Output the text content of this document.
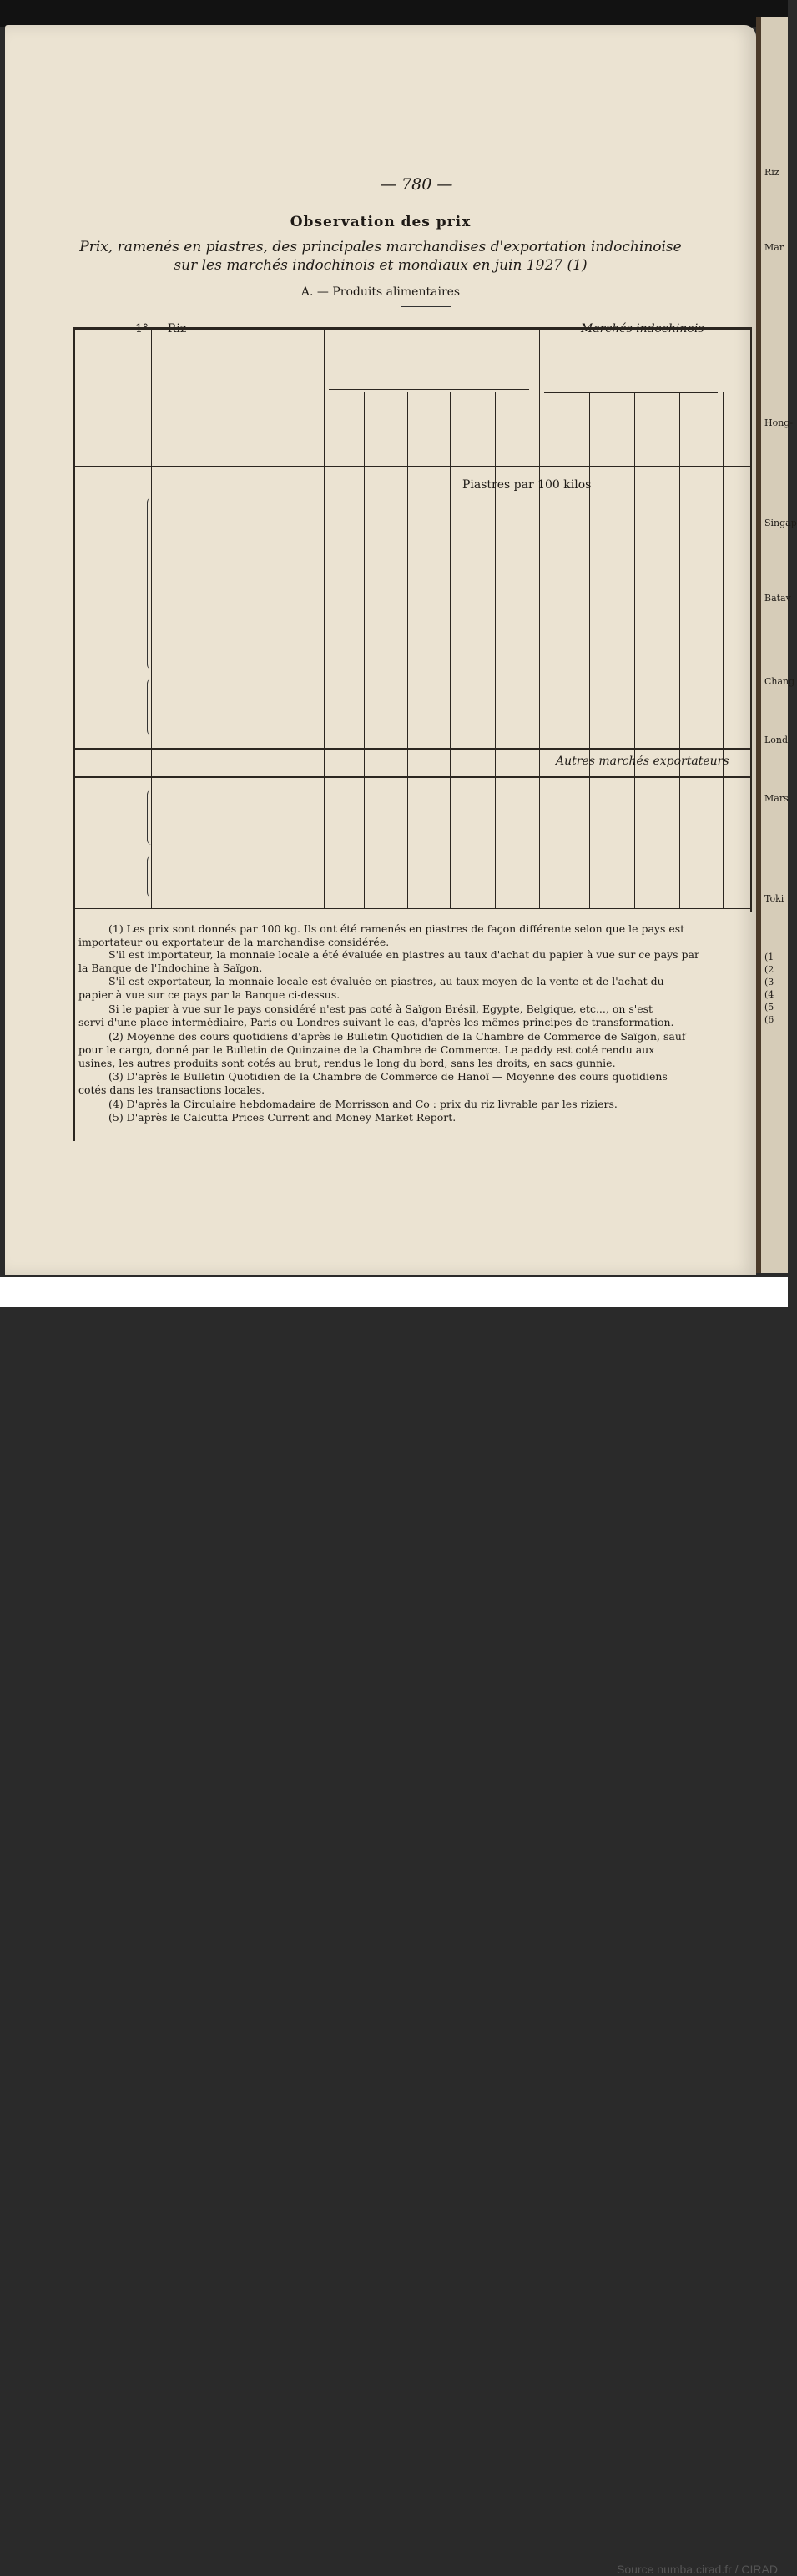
— 780 —
Observation des prix
Prix, ramenés en piastres, des principales marchandises d'exportation indochinoise
sur les marchés indochinois et mondiaux en juin 1927 (1)
A. — Produits alimentaires
Autres marchés exportateurs
Piastres par 100 kilos
(1) Les prix sont donnés par 100 kg. Ils ont été ramenés en piastres de façon différente selon que le pays est
importateur ou exportateur de la marchandise considérée.
S'il est importateur, la monnaie locale a été évaluée en piastres au taux d'achat du papier à vue sur ce pays par
la Banque de l'Indochine à Saïgon.
S'il est exportateur, la monnaie locale est évaluée en piastres, au taux moyen de la vente et de l'achat du
papier à vue sur ce pays par la Banque ci-dessus.
Si le papier à vue sur le pays considéré n'est pas coté à Saïgon Brésil, Egypte, Belgique, etc..., on s'est
servi d'une place intermédiaire, Paris ou Londres suivant le cas, d'après les mêmes principes de transformation.
(2) Moyenne des cours quotidiens d'après le Bulletin Quotidien de la Chambre de Commerce de Saïgon, sauf
pour le cargo, donné par le Bulletin de Quinzaine de la Chambre de Commerce. Le paddy est coté rendu aux
usines, les autres produits sont cotés au brut, rendus le long du bord, sans les droits, en sacs gunnie.
(3) D'après le Bulletin Quotidien de la Chambre de Commerce de Hanoï — Moyenne des cours quotidiens
cotés dans les transactions locales.
(4) D'après la Circulaire hebdomadaire de Morrisson and Co : prix du riz livrable par les riziers.
(5) D'après le Calcutta Prices Current and Money Market Report.
Riz
Mar
Hong-
Singap
Batav
Chang
Lond
Mars
Toki
(1
(2
(3
(4
(5
(6
Source numba.cirad.fr / CIRAD
